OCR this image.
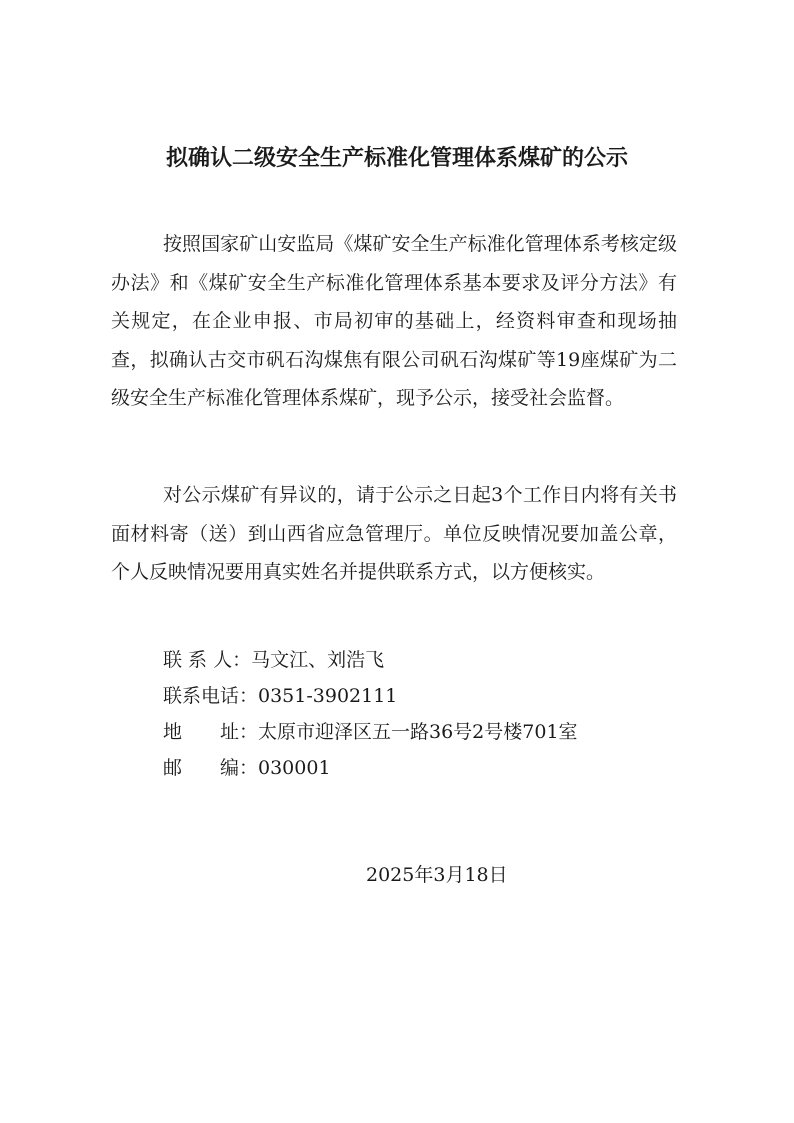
拟确认二级安全生产标准化管理体系煤矿的公示
按照国家矿山安监局《煤矿安全生产标准化管理体系考核定级办法》和《煤矿安全生产标准化管理体系基本要求及评分方法》有关规定，在企业申报、市局初审的基础上，经资料审查和现场抽查，拟确认古交市矾石沟煤焦有限公司矾石沟煤矿等19座煤矿为二级安全生产标准化管理体系煤矿，现予公示，接受社会监督。
对公示煤矿有异议的，请于公示之日起3个工作日内将有关书面材料寄（送）到山西省应急管理厅。单位反映情况要加盖公章，个人反映情况要用真实姓名并提供联系方式，以方便核实。
联 系 人：马文江、刘浩飞
联系电话：0351-3902111
地　　址：太原市迎泽区五一路36号2号楼701室
邮　　编：030001
2025年3月18日
